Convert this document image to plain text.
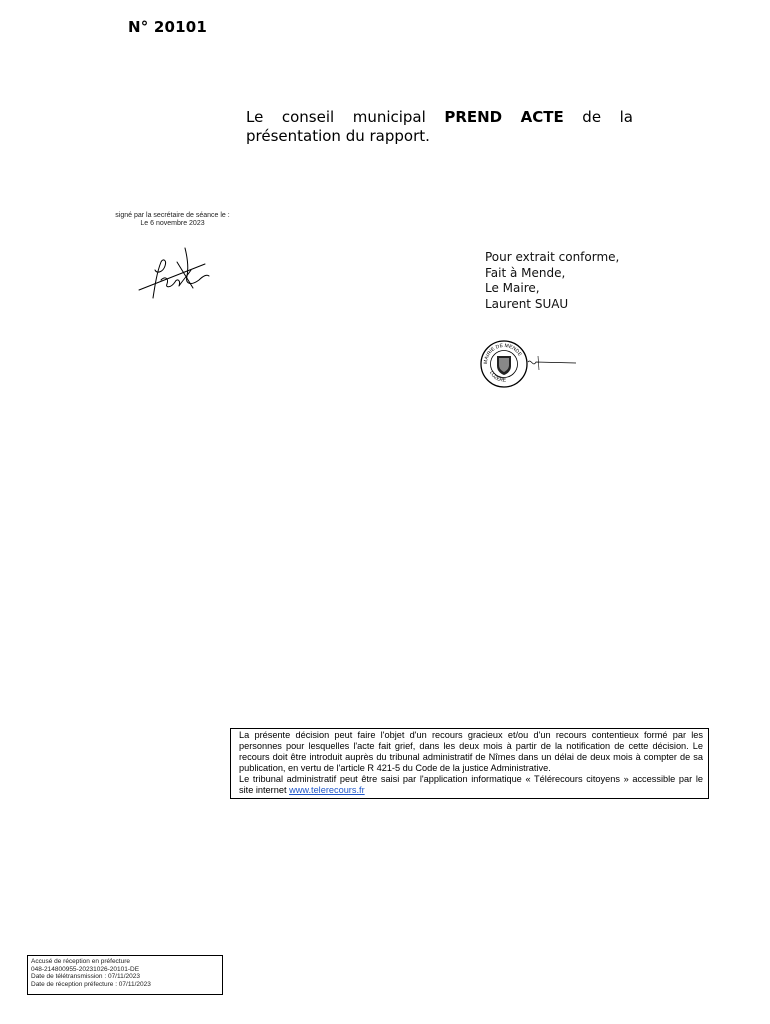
N° 20101
Le conseil municipal PREND ACTE de la
présentation du rapport.
signé par la secrétaire de séance le :
Le 6 novembre 2023
Pour extrait conforme,
Fait à Mende,
Le Maire,
Laurent SUAU
MAIRIE DE MENDE
LOZÈRE

La présente décision peut faire l'objet d'un recours gracieux et/ou d'un recours contentieux formé par les personnes pour lesquelles l'acte fait grief, dans les deux mois à partir de la notification de cette décision. Le recours doit être introduit auprès du tribunal administratif de Nîmes dans un délai de deux mois à compter de sa publication, en vertu de l'article R 421-5 du Code de la justice Administrative.

Le tribunal administratif peut être saisi par l'application informatique « Télérecours citoyens » accessible par le site internet www.telerecours.fr

Accusé de réception en préfecture
048-214800955-20231026-20101-DE
Date de télétransmission : 07/11/2023
Date de réception préfecture : 07/11/2023
